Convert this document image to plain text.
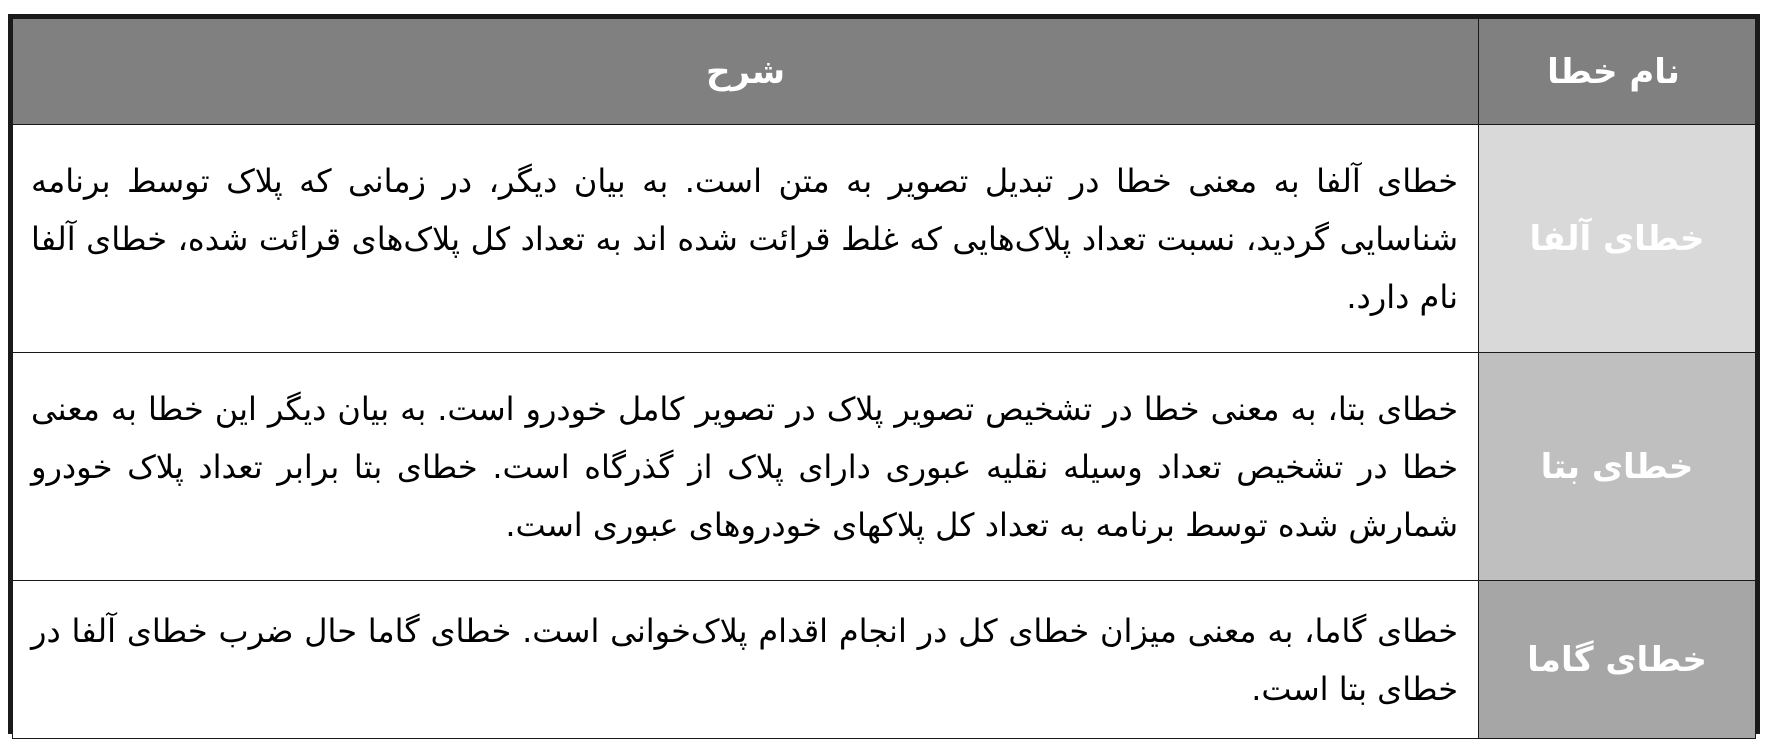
نام خطا	شرح
خطای آلفا	خطای آلفا به معنی خطا در تبدیل تصویر به متن است. به بیان دیگر، در زمانی که پلاک توسط برنامه شناسایی گردید، نسبت تعداد پلاک‌هایی که غلط قرائت شده اند به تعداد کل پلاک‌های قرائت شده، خطای آلفا نام دارد.
خطای بتا	خطای بتا، به معنی خطا در تشخیص تصویر پلاک در تصویر کامل خودرو است. به بیان دیگر این خطا به معنی خطا در تشخیص تعداد وسیله نقلیه عبوری دارای پلاک از گذرگاه است. خطای بتا برابر تعداد پلاک خودرو شمارش شده توسط برنامه به تعداد کل پلاکهای خودروهای عبوری است.
خطای گاما	خطای گاما، به معنی میزان خطای کل در انجام اقدام پلاک‌خوانی است. خطای گاما حال ضرب خطای آلفا در خطای بتا است.
